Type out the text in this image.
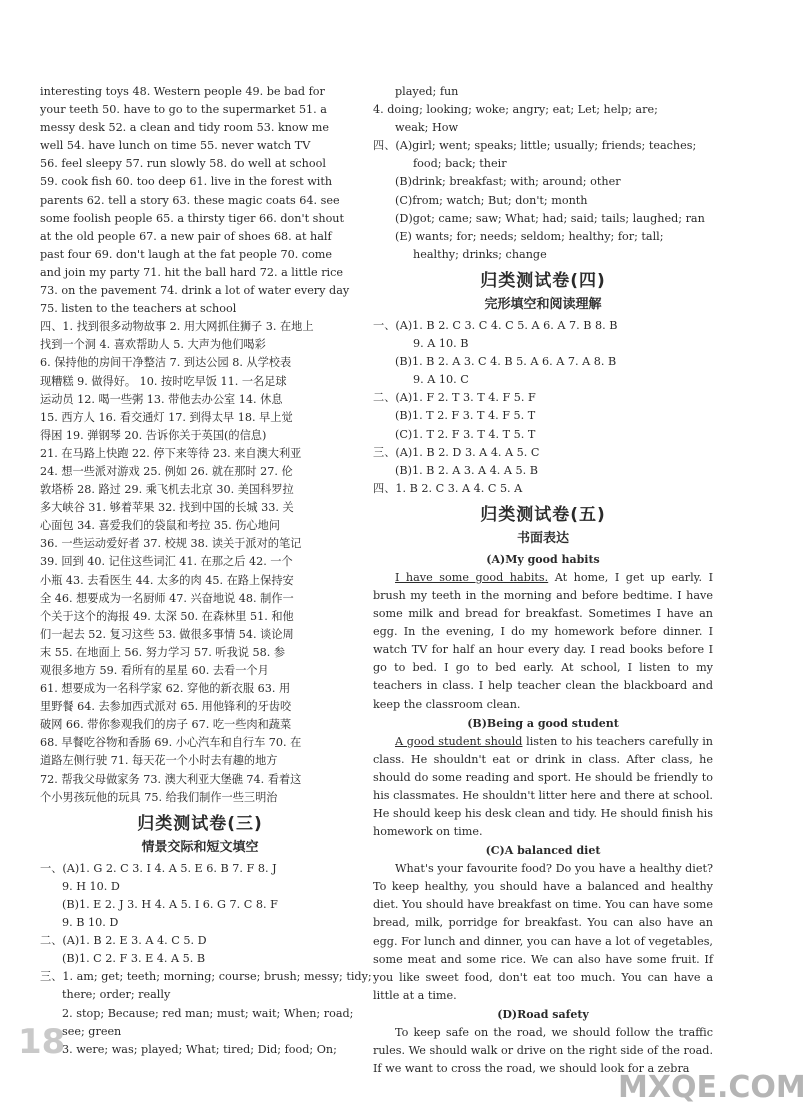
interesting toys 48. Western people 49. be bad for
your teeth 50. have to go to the supermarket 51. a
messy desk 52. a clean and tidy room 53. know me
well 54. have lunch on time 55. never watch TV
56. feel sleepy 57. run slowly 58. do well at school
59. cook fish 60. too deep 61. live in the forest with
parents 62. tell a story 63. these magic coats 64. see
some foolish people 65. a thirsty tiger 66. don't shout
at the old people 67. a new pair of shoes 68. at half
past four 69. don't laugh at the fat people 70. come
and join my party 71. hit the ball hard 72. a little rice
73. on the pavement 74. drink a lot of water every day
75. listen to the teachers at school
四、1. 找到很多动物故事 2. 用大网抓住狮子 3. 在地上
找到一个洞 4. 喜欢帮助人 5. 大声为他们喝彩
6. 保持他的房间干净整洁 7. 到达公园 8. 从学校表
现糟糕 9. 做得好。 10. 按时吃早饭 11. 一名足球
运动员 12. 喝一些粥 13. 带他去办公室 14. 休息
15. 西方人 16. 看交通灯 17. 到得太早 18. 早上觉
得困 19. 弹钢琴 20. 告诉你关于英国(的信息)
21. 在马路上快跑 22. 停下来等待 23. 来自澳大利亚
24. 想一些派对游戏 25. 例如 26. 就在那时 27. 伦
敦塔桥 28. 路过 29. 乘飞机去北京 30. 美国科罗拉
多大峡谷 31. 够着苹果 32. 找到中国的长城 33. 关
心面包 34. 喜爱我们的袋鼠和考拉 35. 伤心地问
36. 一些运动爱好者 37. 校规 38. 读关于派对的笔记
39. 回到 40. 记住这些词汇 41. 在那之后 42. 一个
小瓶 43. 去看医生 44. 太多的肉 45. 在路上保持安
全 46. 想要成为一名厨师 47. 兴奋地说 48. 制作一
个关于这个的海报 49. 太深 50. 在森林里 51. 和他
们一起去 52. 复习这些 53. 做很多事情 54. 谈论周
末 55. 在地面上 56. 努力学习 57. 听我说 58. 参
观很多地方 59. 看所有的星星 60. 去看一个月
61. 想要成为一名科学家 62. 穿他的新衣服 63. 用
里野餐 64. 去参加西式派对 65. 用他锋利的牙齿咬
破网 66. 带你参观我们的房子 67. 吃一些肉和蔬菜
68. 早餐吃谷物和香肠 69. 小心汽车和自行车 70. 在
道路左侧行驶 71. 每天花一个小时去有趣的地方
72. 帮我父母做家务 73. 澳大利亚大堡礁 74. 看着这
个小男孩玩他的玩具 75. 给我们制作一些三明治
归类测试卷(三)
情景交际和短文填空
一、(A)1. G 2. C 3. I 4. A 5. E 6. B 7. F 8. J
9. H 10. D
(B)1. E 2. J 3. H 4. A 5. I 6. G 7. C 8. F
9. B 10. D
二、(A)1. B 2. E 3. A 4. C 5. D
(B)1. C 2. F 3. E 4. A 5. B
三、1. am; get; teeth; morning; course; brush; messy; tidy;
there; order; really
2. stop; Because; red man; must; wait; When; road;
see; green
3. were; was; played; What; tired; Did; food; On;
played; fun
4. doing; looking; woke; angry; eat; Let; help; are;
weak; How
四、(A)girl; went; speaks; little; usually; friends; teaches;
food; back; their
(B)drink; breakfast; with; around; other
(C)from; watch; But; don't; month
(D)got; came; saw; What; had; said; tails; laughed; ran
(E) wants; for; needs; seldom; healthy; for; tall;
healthy; drinks; change
归类测试卷(四)
完形填空和阅读理解
一、(A)1. B 2. C 3. C 4. C 5. A 6. A 7. B 8. B
9. A 10. B
(B)1. B 2. A 3. C 4. B 5. A 6. A 7. A 8. B
9. A 10. C
二、(A)1. F 2. T 3. T 4. F 5. F
(B)1. T 2. F 3. T 4. F 5. T
(C)1. T 2. F 3. T 4. T 5. T
三、(A)1. B 2. D 3. A 4. A 5. C
(B)1. B 2. A 3. A 4. A 5. B
四、1. B 2. C 3. A 4. C 5. A
归类测试卷(五)
书面表达
(A)My good habits

I have some good habits. At home, I get up early. I brush my teeth in the morning and before bedtime. I have some milk and bread for breakfast. Sometimes I have an egg. In the evening, I do my homework before dinner. I watch TV for half an hour every day. I read books before I go to bed. I go to bed early. At school, I listen to my teachers in class. I help teacher clean the blackboard and keep the classroom clean.

(B)Being a good student

A good student should listen to his teachers carefully in class. He shouldn't eat or drink in class. After class, he should do some reading and sport. He should be friendly to his classmates. He shouldn't litter here and there at school. He should keep his desk clean and tidy. He should finish his homework on time.

(C)A balanced diet

What's your favourite food? Do you have a healthy diet? To keep healthy, you should have a balanced and healthy diet. You should have breakfast on time. You can have some bread, milk, porridge for breakfast. You can also have an egg. For lunch and dinner, you can have a lot of vegetables, some meat and some rice. We can also have some fruit. If you like sweet food, don't eat too much. You can have a little at a time.

(D)Road safety

To keep safe on the road, we should follow the traffic rules. We should walk or drive on the right side of the road. If we want to cross the road, we should look for a zebra

18
MXQE.COM
